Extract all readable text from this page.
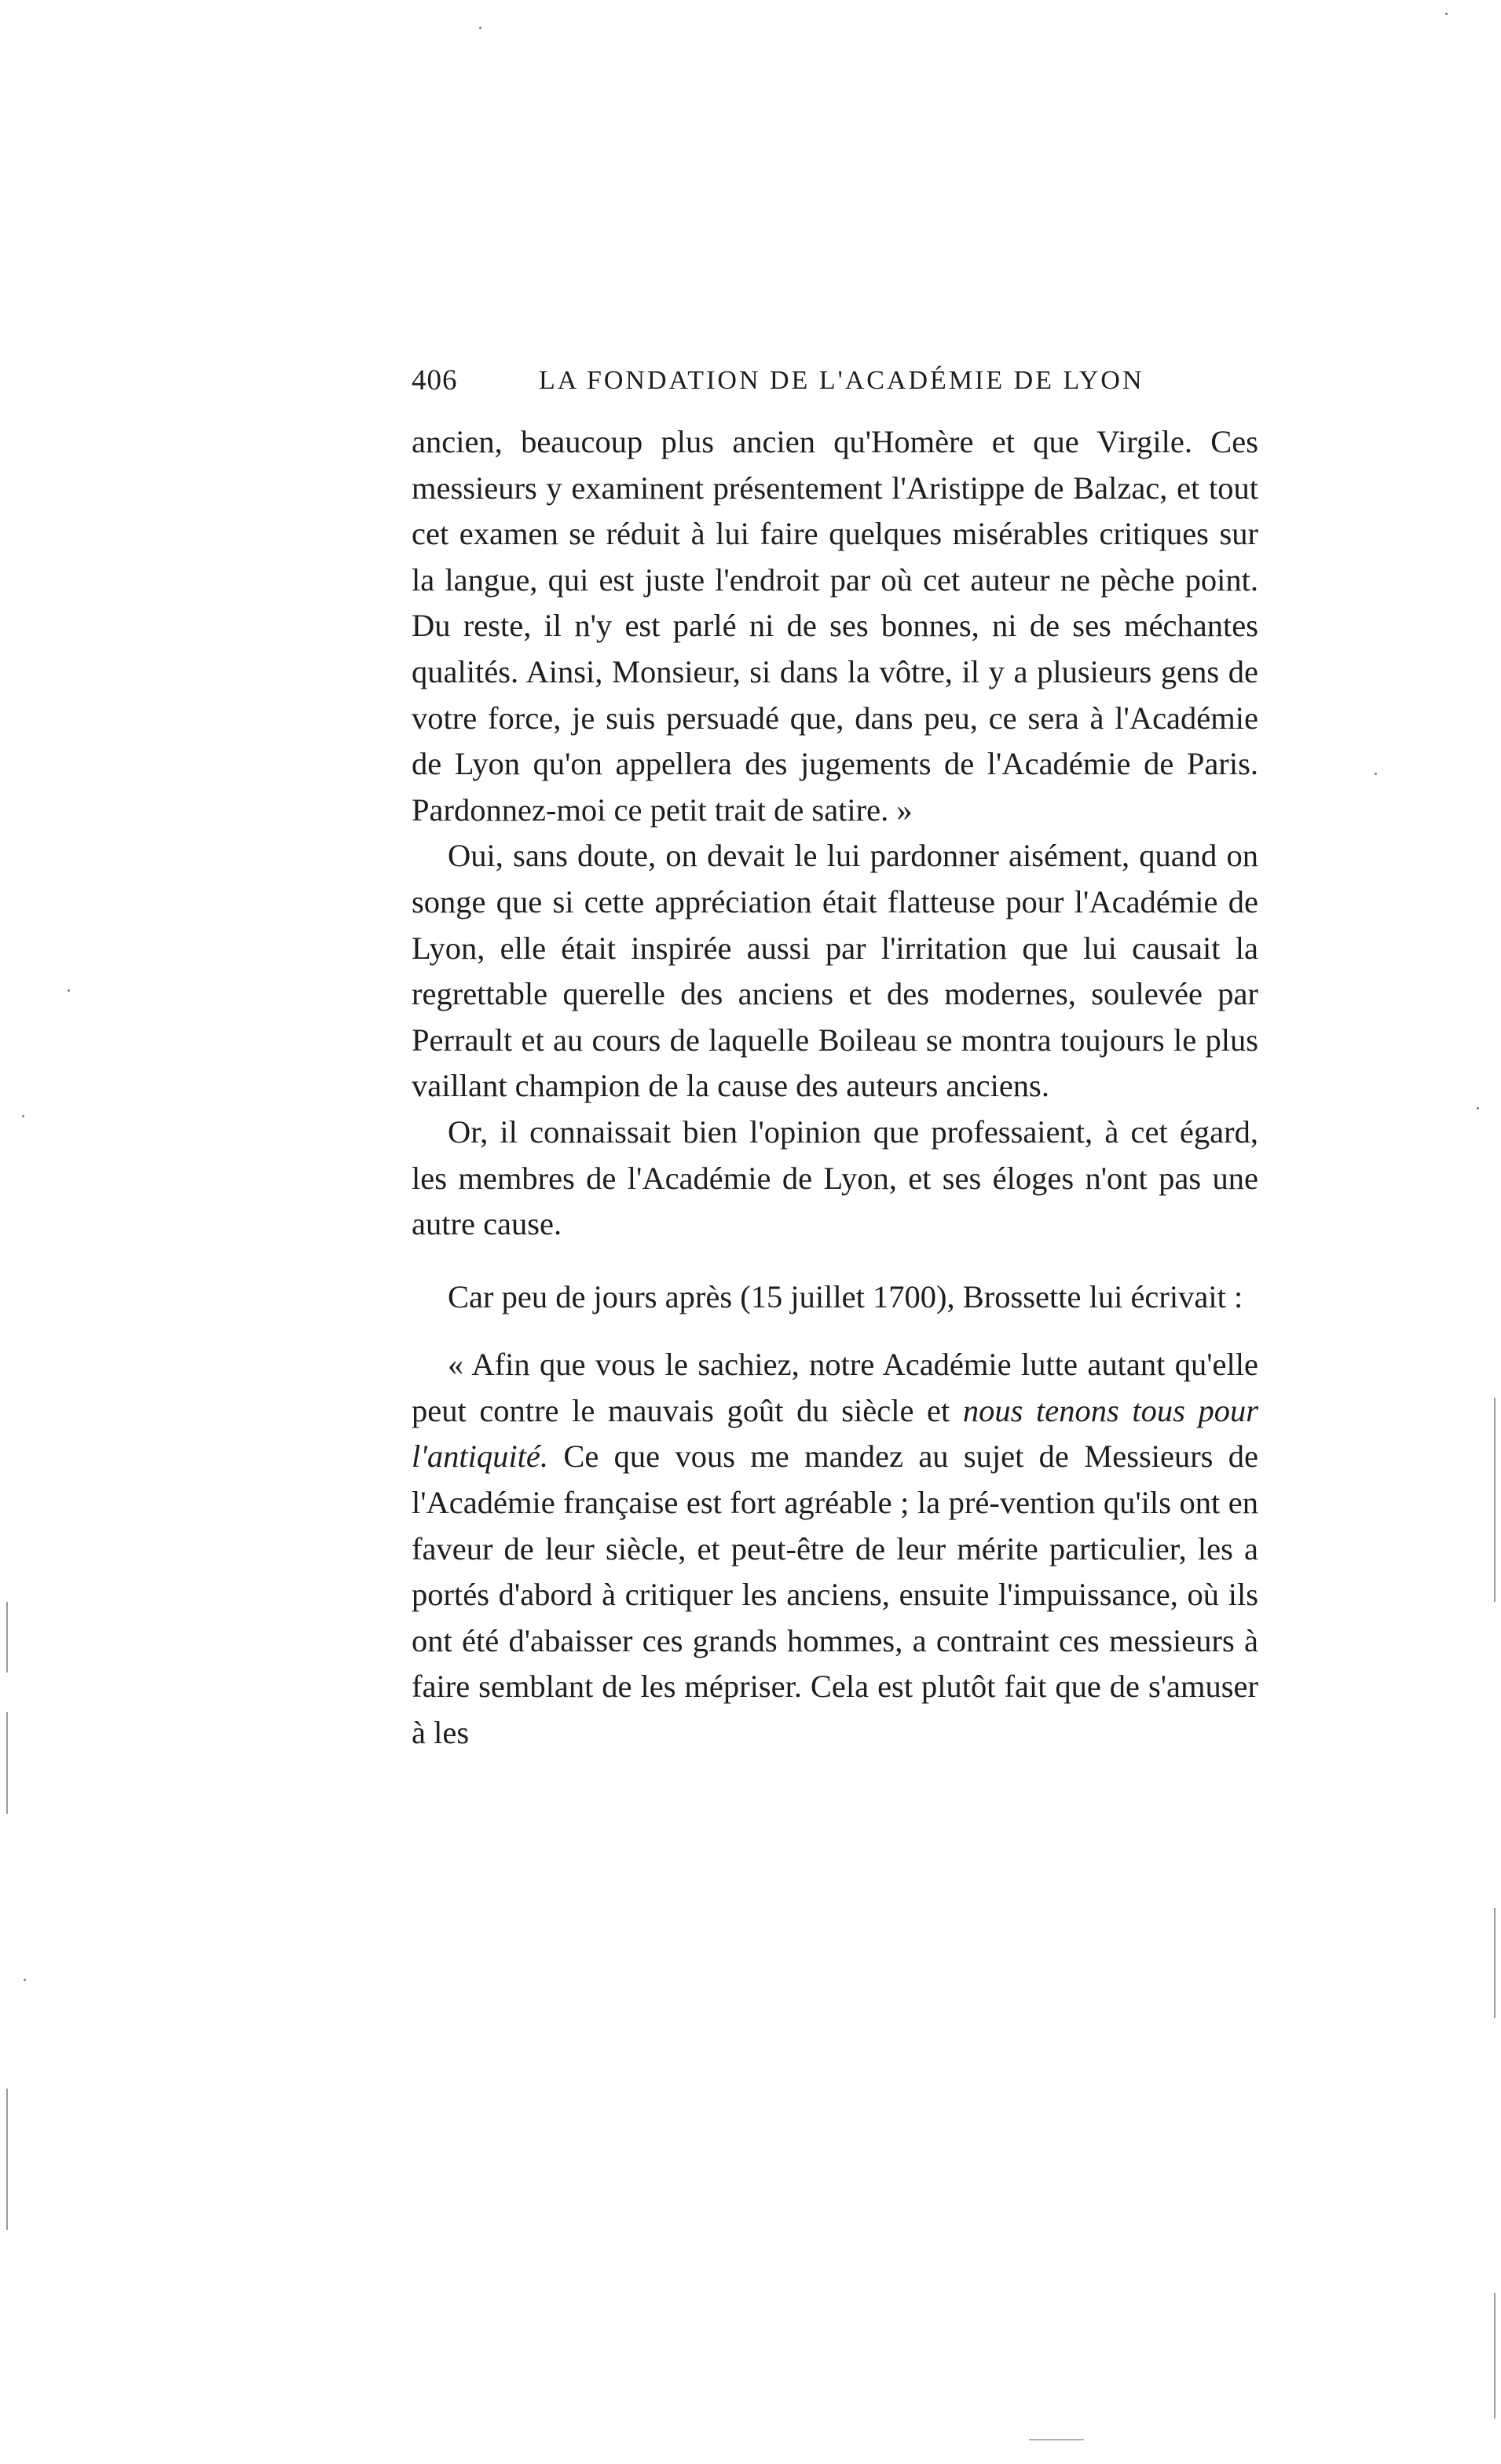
406	LA FONDATION DE L'ACADÉMIE DE LYON

ancien, beaucoup plus ancien qu'Homère et que Virgile. Ces messieurs y examinent présentement l'Aristippe de Balzac, et tout cet examen se réduit à lui faire quelques misérables critiques sur la langue, qui est juste l'endroit par où cet auteur ne pèche point. Du reste, il n'y est parlé ni de ses bonnes, ni de ses méchantes qualités. Ainsi, Monsieur, si dans la vôtre, il y a plusieurs gens de votre force, je suis persuadé que, dans peu, ce sera à l'Académie de Lyon qu'on appellera des jugements de l'Académie de Paris. Pardonnez-moi ce petit trait de satire. »

Oui, sans doute, on devait le lui pardonner aisément, quand on songe que si cette appréciation était flatteuse pour l'Académie de Lyon, elle était inspirée aussi par l'irritation que lui causait la regrettable querelle des anciens et des modernes, soulevée par Perrault et au cours de laquelle Boileau se montra toujours le plus vaillant champion de la cause des auteurs anciens.

Or, il connaissait bien l'opinion que professaient, à cet égard, les membres de l'Académie de Lyon, et ses éloges n'ont pas une autre cause.

Car peu de jours après (15 juillet 1700), Brossette lui écrivait :

« Afin que vous le sachiez, notre Académie lutte autant qu'elle peut contre le mauvais goût du siècle et nous tenons tous pour l'antiquité. Ce que vous me mandez au sujet de Messieurs de l'Académie française est fort agréable ; la pré-vention qu'ils ont en faveur de leur siècle, et peut-être de leur mérite particulier, les a portés d'abord à critiquer les anciens, ensuite l'impuissance, où ils ont été d'abaisser ces grands hommes, a contraint ces messieurs à faire semblant de les mépriser. Cela est plutôt fait que de s'amuser à les
